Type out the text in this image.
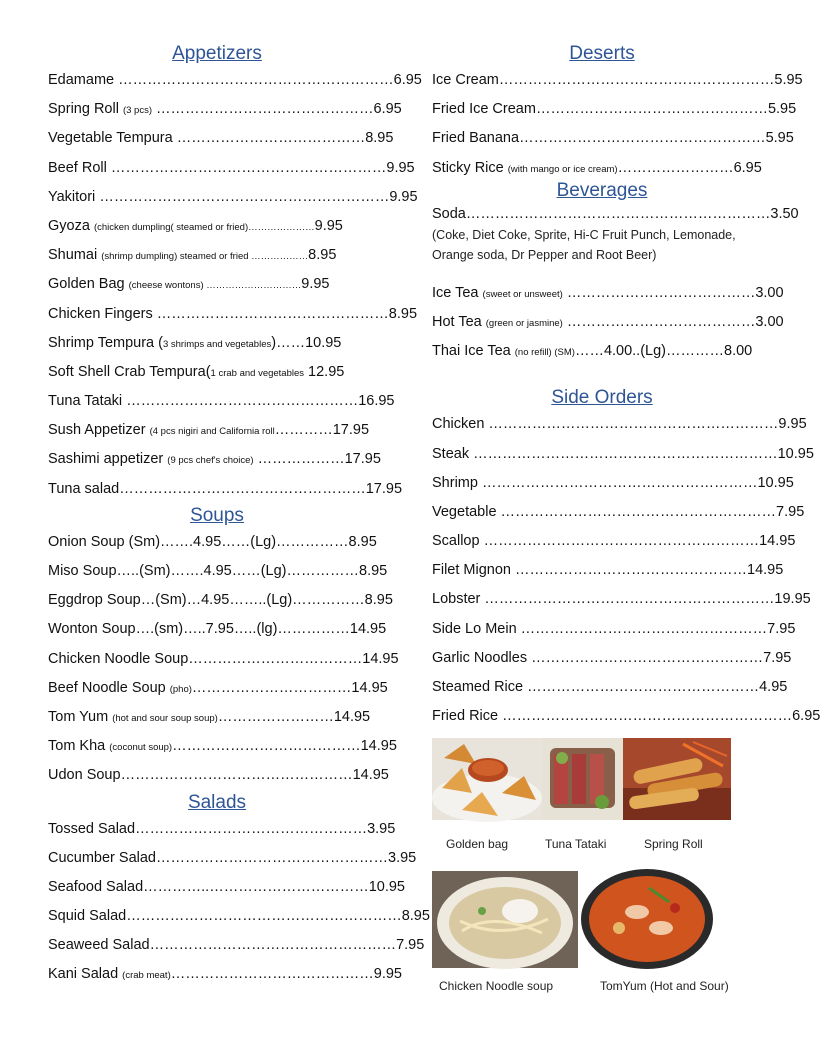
Appetizers
Edamame …………………………………………………6.95
Spring Roll (3 pcs) ………………………………………6.95
Vegetable Tempura …………………………………8.95
Beef Roll …………………………………………………9.95
Yakitori ……………………………………………………9.95
Gyoza (chicken dumpling( steamed or fried)…………………9.95
Shumai (shrimp dumpling) steamed or fried ………………8.95
Golden Bag (cheese wontons) …………………………9.95
Chicken Fingers …………………………………………8.95
Shrimp Tempura (3 shrimps and vegetables)……10.95
Soft Shell Crab Tempura(1 crab and vegetables 12.95
Tuna Tataki …………………………………………16.95
Sush Appetizer (4 pcs nigiri and California roll…………17.95
Sashimi appetizer (9 pcs chef's choice) ………………17.95
Tuna salad……………………………………………17.95
Soups
Onion Soup (Sm)…….4.95……(Lg)……………8.95
Miso Soup…..(Sm)…….4.95……(Lg)……………8.95
Eggdrop Soup…(Sm)…4.95……..(Lg)……………8.95
Wonton Soup….(sm)…..7.95…..(lg)……………14.95
Chicken Noodle Soup………………………………14.95
Beef Noodle Soup (pho)……………………………14.95
Tom Yum (hot and sour soup soup)……………………14.95
Tom Kha (coconut soup)…………………………………14.95
Udon Soup…………………………………………14.95
Salads
Tossed Salad…………………………………………3.95
Cucumber Salad…………………………………………3.95
Seafood Salad…………..……………………………10.95
Squid Salad…………………………………………………8.95
Seaweed Salad……………………………………………7.95
Kani Salad (crab meat)……………………………………9.95
Deserts
Ice Cream…………………………………………………5.95
Fried Ice Cream…………………………………………5.95
Fried Banana……………………………………………5.95
Sticky Rice (with mango or ice cream)……………………6.95
Beverages
Soda………………………………………………………3.50
(Coke, Diet Coke, Sprite, Hi-C Fruit Punch, Lemonade, Orange soda, Dr Pepper and Root Beer)
Ice Tea (sweet or unsweet) …………………………………3.00
Hot Tea (green or jasmine) …………………………………3.00
Thai Ice Tea (no refill) (SM)……4.00..(Lg)…………8.00
Side Orders
Chicken ……………………………………………………9.95
Steak ………………………………………………………10.95
Shrimp …………………………………………………10.95
Vegetable …………………………………………………7.95
Scallop …………………………………………………14.95
Filet Mignon …………………………………………14.95
Lobster ……………………………………………………19.95
Side Lo Mein ……………………………………………7.95
Garlic Noodles …………………………………………7.95
Steamed Rice …………………………………………4.95
Fried Rice ……………………………………………………6.95
Golden bag	Tuna Tataki	Spring Roll
Chicken Noodle soup	TomYum (Hot and Sour)
